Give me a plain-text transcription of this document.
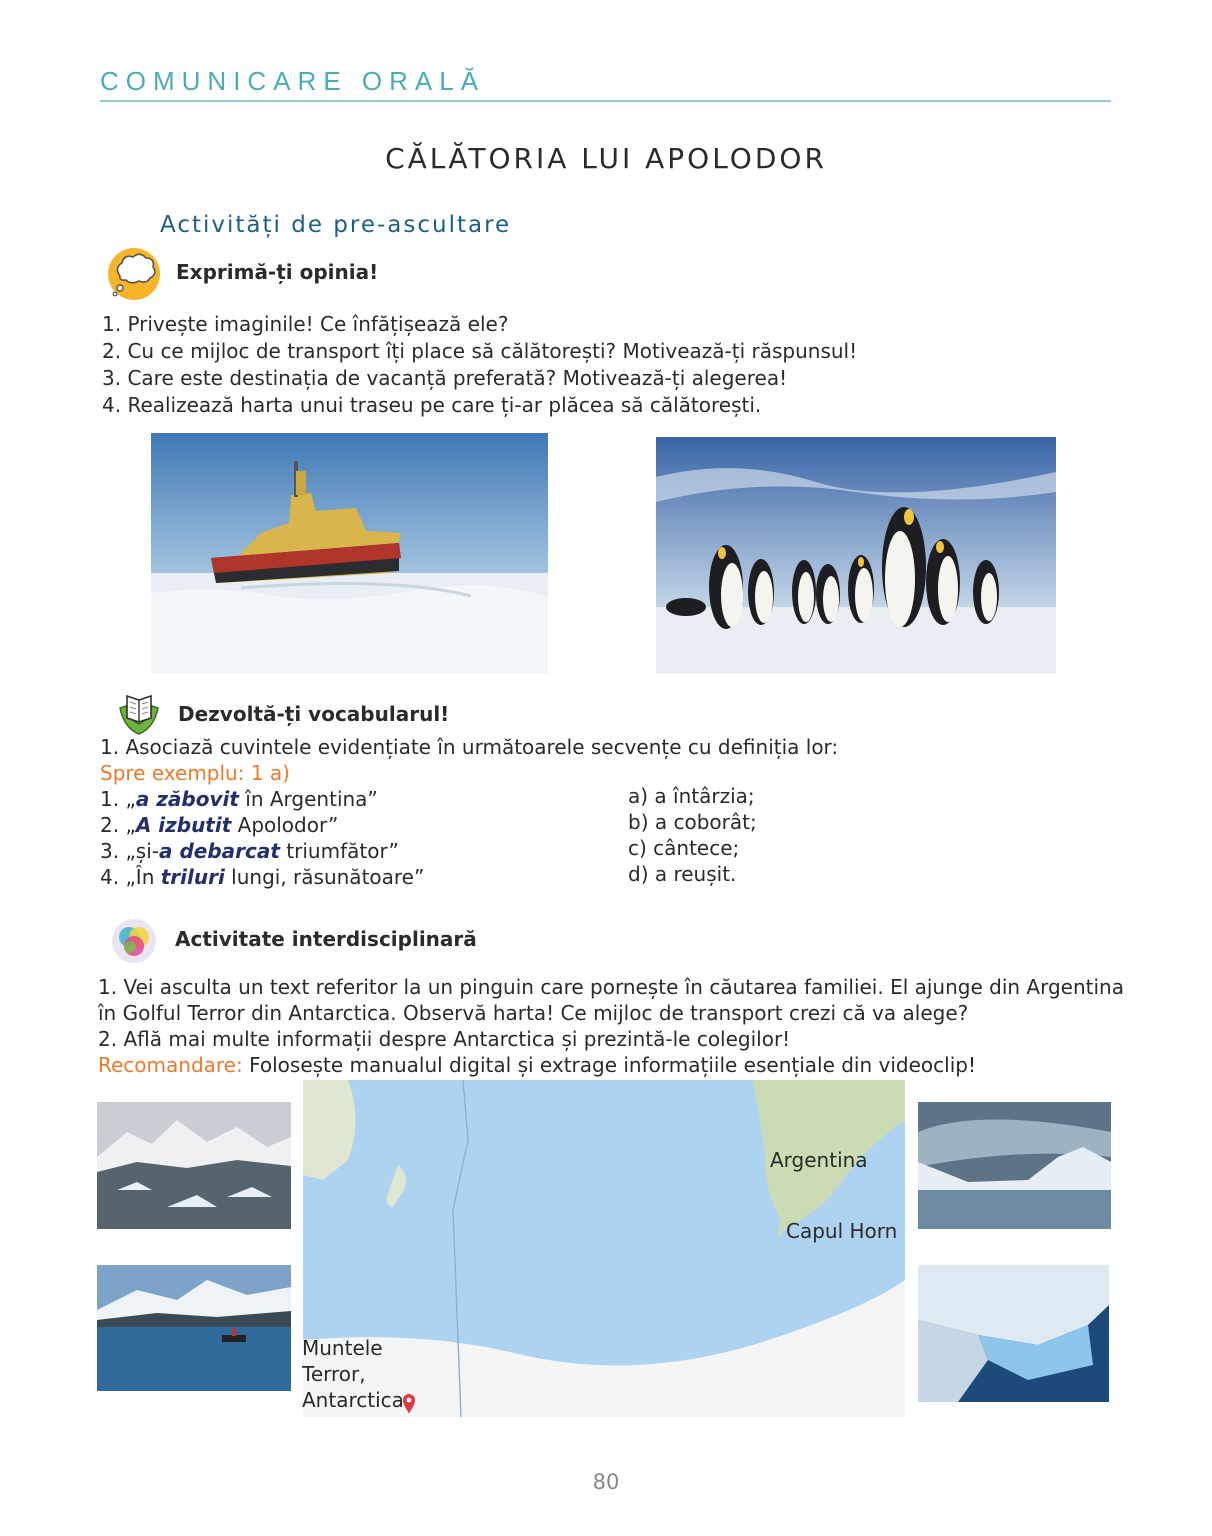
COMUNICARE ORALĂ
CĂLĂTORIA LUI APOLODOR
Activități de pre-ascultare
Exprimă-ți opinia!
1. Privește imaginile! Ce înfățișează ele?
2. Cu ce mijloc de transport îți place să călătorești? Motivează-ți răspunsul!
3. Care este destinația de vacanță preferată? Motivează-ți alegerea!
4. Realizează harta unui traseu pe care ți-ar plăcea să călătorești.
Dezvoltă-ți vocabularul!
1. Asociază cuvintele evidențiate în următoarele secvențe cu definiția lor:
Spre exemplu: 1 a)
1. „a zăbovit în Argentina”
2. „A izbutit Apolodor”
3. „și-a debarcat triumfător”
4. „În triluri lungi, răsunătoare”
a) a întârzia;
b) a coborât;
c) cântece;
d) a reușit.
Activitate interdisciplinară
1. Vei asculta un text referitor la un pinguin care pornește în căutarea familiei. El ajunge din Argentina
în Golful Terror din Antarctica. Observă harta! Ce mijloc de transport crezi că va alege?
2. Află mai multe informații despre Antarctica și prezintă-le colegilor!
Recomandare: Folosește manualul digital și extrage informațiile esențiale din videoclip!
Argentina
Capul Horn
Muntele
Terror,
Antarctica
80
